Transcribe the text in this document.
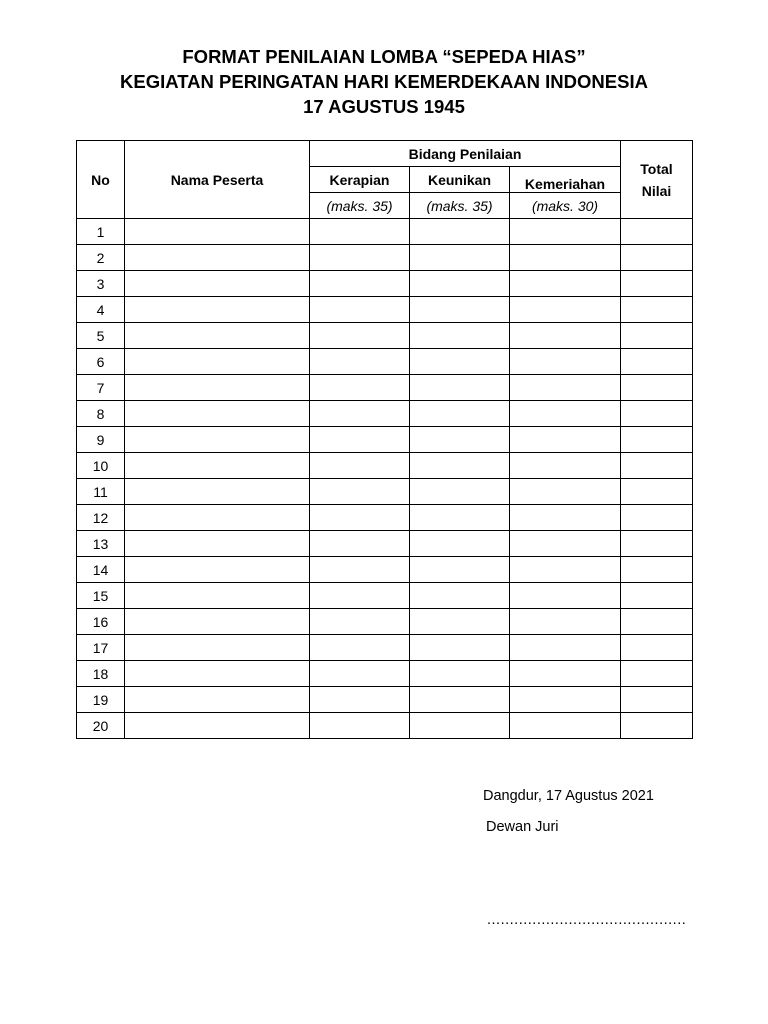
FORMAT PENILAIAN LOMBA “SEPEDA HIAS”
KEGIATAN PERINGATAN HARI KEMERDEKAAN INDONESIA
17 AGUSTUS 1945
No	Nama Peserta	Bidang Penilaian			Total Nilai
		Kerapian	Keunikan	Kemeriahan	
		(maks. 35)	(maks. 35)	(maks. 30)	
1					
2					
3					
4					
5					
6					
7					
8					
9					
10					
11					
12					
13					
14					
15					
16					
17					
18					
19					
20					
Dangdur, 17 Agustus 2021
Dewan Juri
............................................
